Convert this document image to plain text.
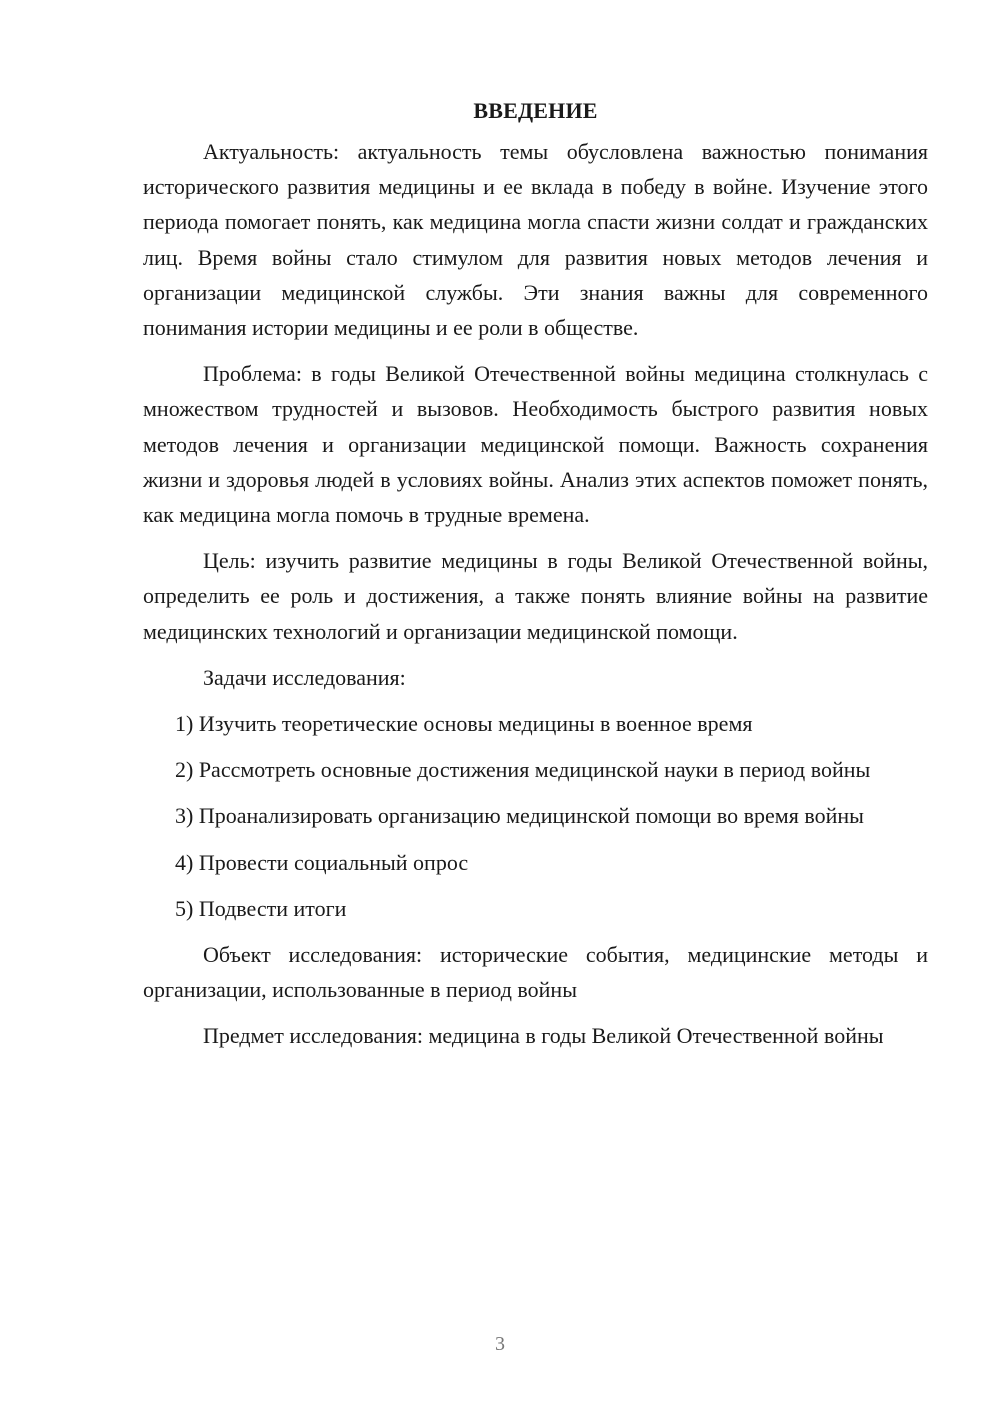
ВВЕДЕНИЕ

Актуальность: актуальность темы обусловлена важностью понимания исторического развития медицины и ее вклада в победу в войне. Изучение этого периода помогает понять, как медицина могла спасти жизни солдат и гражданских лиц. Время войны стало стимулом для развития новых методов лечения и организации медицинской службы. Эти знания важны для современного понимания истории медицины и ее роли в обществе.

Проблема: в годы Великой Отечественной войны медицина столкнулась с множеством трудностей и вызовов. Необходимость быстрого развития новых методов лечения и организации медицинской помощи. Важность сохранения жизни и здоровья людей в условиях войны. Анализ этих аспектов поможет понять, как медицина могла помочь в трудные времена.

Цель: изучить развитие медицины в годы Великой Отечественной войны, определить ее роль и достижения, а также понять влияние войны на развитие медицинских технологий и организации медицинской помощи.

Задачи исследования:

1) Изучить теоретические основы медицины в военное время

2) Рассмотреть основные достижения медицинской науки в период войны

3) Проанализировать организацию медицинской помощи во время войны

4) Провести социальный опрос

5) Подвести итоги

Объект исследования: исторические события, медицинские методы и организации, использованные в период войны

Предмет исследования: медицина в годы Великой Отечественной войны

3
